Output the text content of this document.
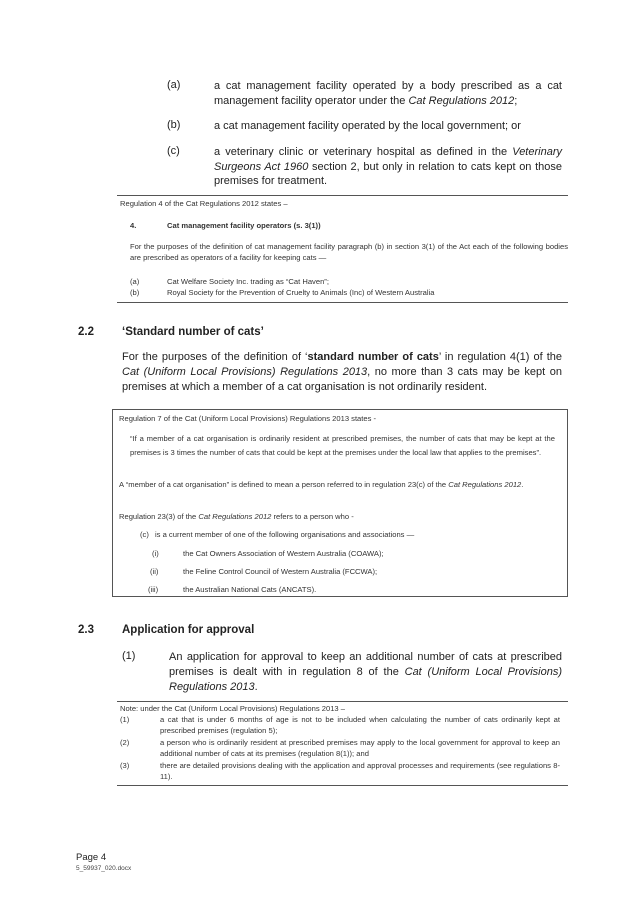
(a)	a cat management facility operated by a body prescribed as a cat management facility operator under the Cat Regulations 2012;
(b)	a cat management facility operated by the local government; or
(c)	a veterinary clinic or veterinary hospital as defined in the Veterinary Surgeons Act 1960 section 2, but only in relation to cats kept on those premises for treatment.
Regulation 4 of the Cat Regulations 2012 states –
4.	Cat management facility operators (s. 3(1))
For the purposes of the definition of cat management facility paragraph (b) in section 3(1) of the Act each of the following bodies are prescribed as operators of a facility for keeping cats —
(a)	Cat Welfare Society Inc. trading as “Cat Haven”;
(b)	Royal Society for the Prevention of Cruelty to Animals (Inc) of Western Australia
2.2 ‘Standard number of cats’
For the purposes of the definition of ‘standard number of cats’ in regulation 4(1) of the Cat (Uniform Local Provisions) Regulations 2013, no more than 3 cats may be kept on premises at which a member of a cat organisation is not ordinarily resident.
Regulation 7 of the Cat (Uniform Local Provisions) Regulations 2013 states -
“If a member of a cat organisation is ordinarily resident at prescribed premises, the number of cats that may be kept at the premises is 3 times the number of cats that could be kept at the premises under the local law that applies to the premises”.
A “member of a cat organisation” is defined to mean a person referred to in regulation 23(c) of the Cat Regulations 2012.
Regulation 23(3) of the Cat Regulations 2012 refers to a person who -
(c) is a current member of one of the following organisations and associations —
(i)	the Cat Owners Association of Western Australia (COAWA);
(ii)	the Feline Control Council of Western Australia (FCCWA);
(iii)	the Australian National Cats (ANCATS).
2.3 Application for approval
(1)	An application for approval to keep an additional number of cats at prescribed premises is dealt with in regulation 8 of the Cat (Uniform Local Provisions) Regulations 2013.
Note: under the Cat (Uniform Local Provisions) Regulations 2013 –
(1)	a cat that is under 6 months of age is not to be included when calculating the number of cats ordinarily kept at prescribed premises (regulation 5);
(2)	a person who is ordinarily resident at prescribed premises may apply to the local government for approval to keep an additional number of cats at its premises (regulation 8(1)); and
(3)	there are detailed provisions dealing with the application and approval processes and requirements (see regulations 8-11).
Page 4
5_59937_020.docx
